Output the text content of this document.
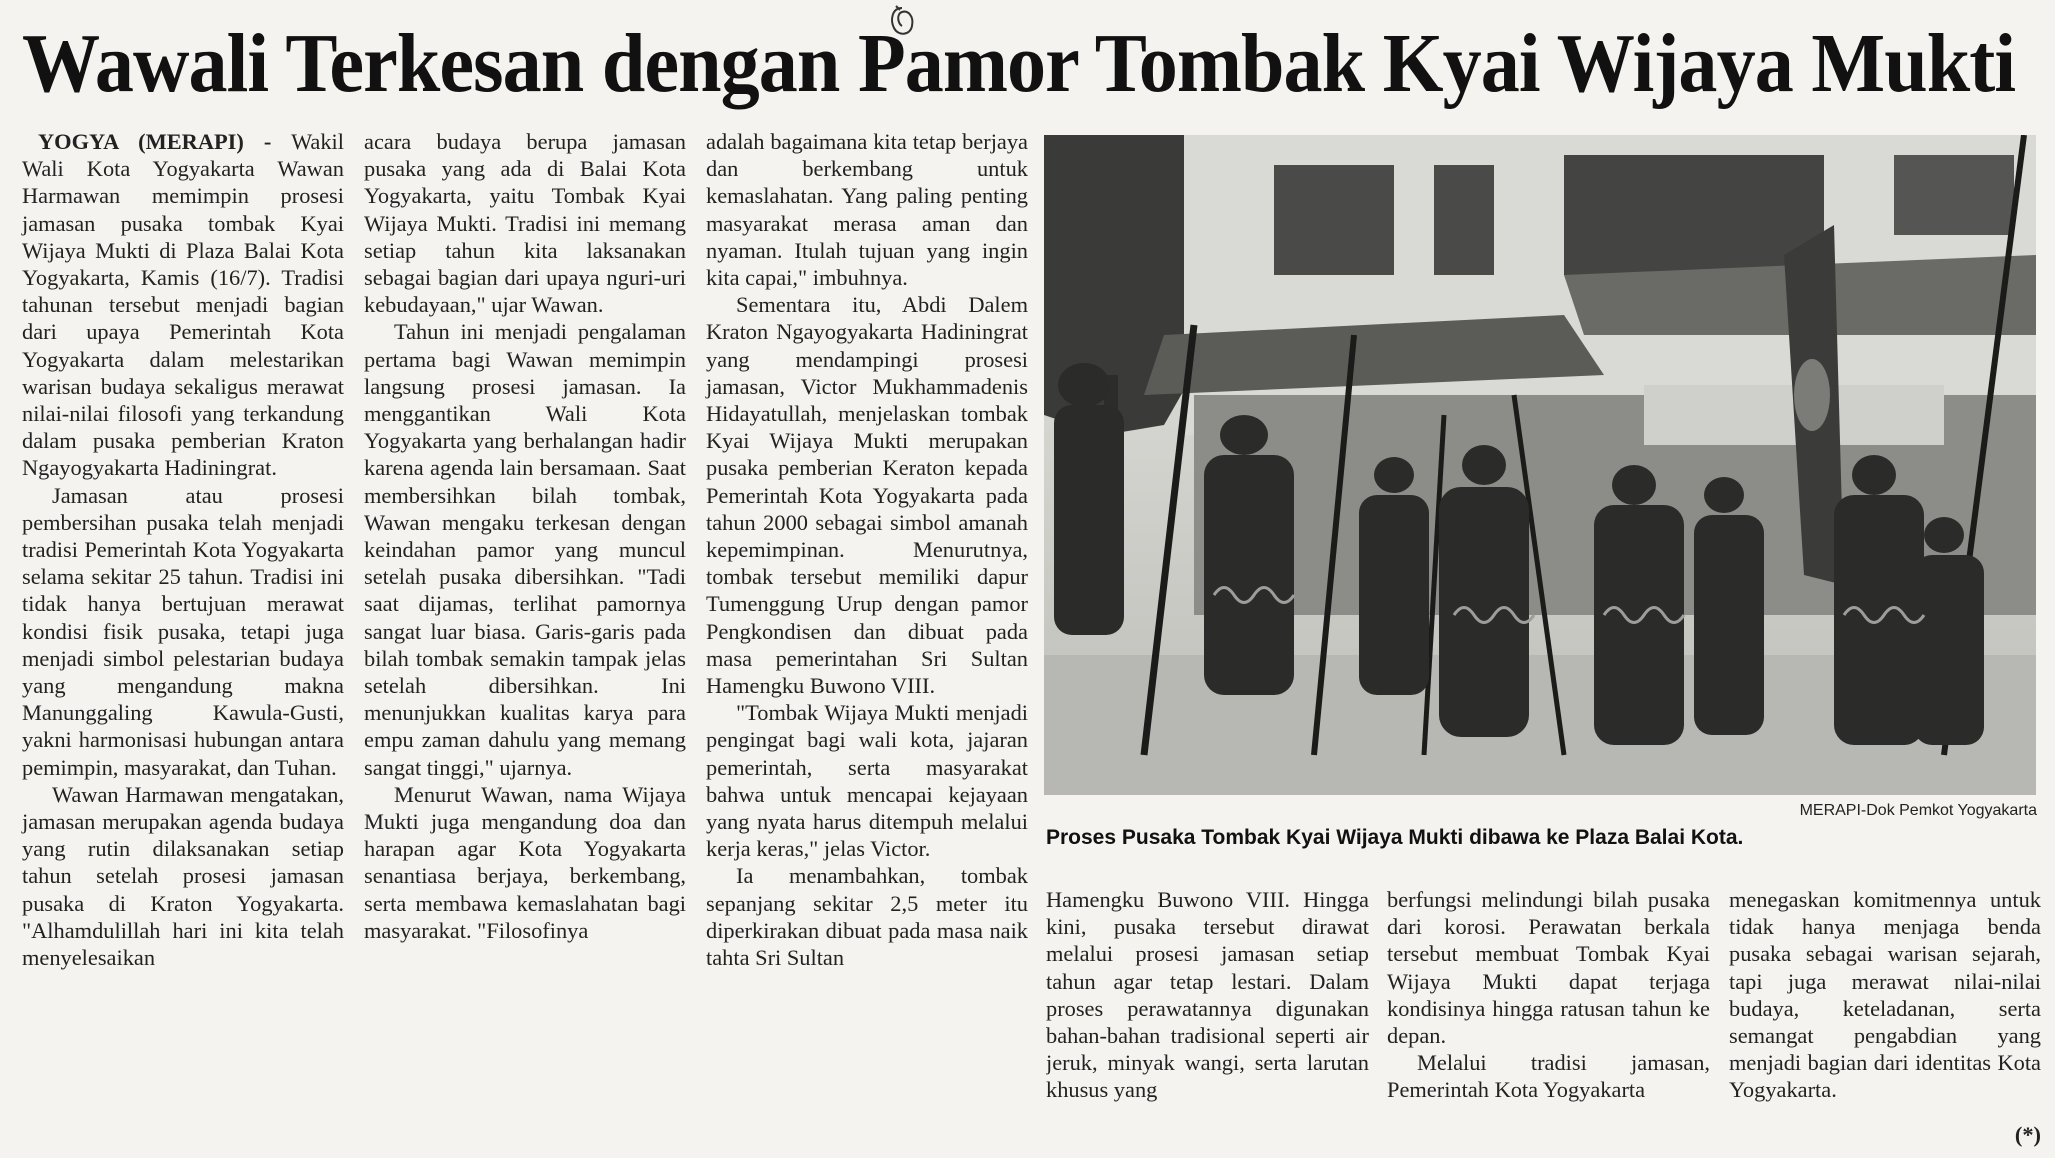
Wawali Terkesan dengan Pamor Tombak Kyai Wijaya Mukti

YOGYA (MERAPI) - Wakil Wali Kota Yogyakarta Wawan Harmawan memimpin prosesi jamasan pusaka tombak Kyai Wijaya Mukti di Plaza Balai Kota Yogyakarta, Kamis (16/7). Tradisi tahunan tersebut menjadi bagian dari upaya Pemerintah Kota Yogyakarta dalam melestarikan warisan budaya sekaligus merawat nilai-nilai filosofi yang terkandung dalam pusaka pemberian Kraton Ngayogyakarta Hadiningrat.

Jamasan atau prosesi pembersihan pusaka telah menjadi tradisi Pemerintah Kota Yogyakarta selama sekitar 25 tahun. Tradisi ini tidak hanya bertujuan merawat kondisi fisik pusaka, tetapi juga menjadi simbol pelestarian budaya yang mengandung makna Manunggaling Kawula-Gusti, yakni harmonisasi hubungan antara pemimpin, masyarakat, dan Tuhan.

Wawan Harmawan mengatakan, jamasan merupakan agenda budaya yang rutin dilaksanakan setiap tahun setelah prosesi jamasan pusaka di Kraton Yogyakarta. "Alhamdulillah hari ini kita telah menyelesaikan

acara budaya berupa jamasan pusaka yang ada di Balai Kota Yogyakarta, yaitu Tombak Kyai Wijaya Mukti. Tradisi ini memang setiap tahun kita laksanakan sebagai bagian dari upaya nguri-uri kebudayaan," ujar Wawan.

Tahun ini menjadi pengalaman pertama bagi Wawan memimpin langsung prosesi jamasan. Ia menggantikan Wali Kota Yogyakarta yang berhalangan hadir karena agenda lain bersamaan. Saat membersihkan bilah tombak, Wawan mengaku terkesan dengan keindahan pamor yang muncul setelah pusaka dibersihkan. "Tadi saat dijamas, terlihat pamornya sangat luar biasa. Garis-garis pada bilah tombak semakin tampak jelas setelah dibersihkan. Ini menunjukkan kualitas karya para empu zaman dahulu yang memang sangat tinggi," ujarnya.

Menurut Wawan, nama Wijaya Mukti juga mengandung doa dan harapan agar Kota Yogyakarta senantiasa berjaya, berkembang, serta membawa kemaslahatan bagi masyarakat. "Filosofinya

adalah bagaimana kita tetap berjaya dan berkembang untuk kemaslahatan. Yang paling penting masyarakat merasa aman dan nyaman. Itulah tujuan yang ingin kita capai," imbuhnya.

Sementara itu, Abdi Dalem Kraton Ngayogyakarta Hadiningrat yang mendampingi prosesi jamasan, Victor Mukhammadenis Hidayatullah, menjelaskan tombak Kyai Wijaya Mukti merupakan pusaka pemberian Keraton kepada Pemerintah Kota Yogyakarta pada tahun 2000 sebagai simbol amanah kepemimpinan. Menurutnya, tombak tersebut memiliki dapur Tumenggung Urup dengan pamor Pengkondisen dan dibuat pada masa pemerintahan Sri Sultan Hamengku Buwono VIII.

"Tombak Wijaya Mukti menjadi pengingat bagi wali kota, jajaran pemerintah, serta masyarakat bahwa untuk mencapai kejayaan yang nyata harus ditempuh melalui kerja keras," jelas Victor.

Ia menambahkan, tombak sepanjang sekitar 2,5 meter itu diperkirakan dibuat pada masa naik tahta Sri Sultan

MERAPI-Dok Pemkot Yogyakarta
Proses Pusaka Tombak Kyai Wijaya Mukti dibawa ke Plaza Balai Kota.

Hamengku Buwono VIII. Hingga kini, pusaka tersebut dirawat melalui prosesi jamasan setiap tahun agar tetap lestari. Dalam proses perawatannya digunakan bahan-bahan tradisional seperti air jeruk, minyak wangi, serta larutan khusus yang

berfungsi melindungi bilah pusaka dari korosi. Perawatan berkala tersebut membuat Tombak Kyai Wijaya Mukti dapat terjaga kondisinya hingga ratusan tahun ke depan.

Melalui tradisi jamasan, Pemerintah Kota Yogyakarta

menegaskan komitmennya untuk tidak hanya menjaga benda pusaka sebagai warisan sejarah, tapi juga merawat nilai-nilai budaya, keteladanan, serta semangat pengabdian yang menjadi bagian dari identitas Kota Yogyakarta.

(*)
